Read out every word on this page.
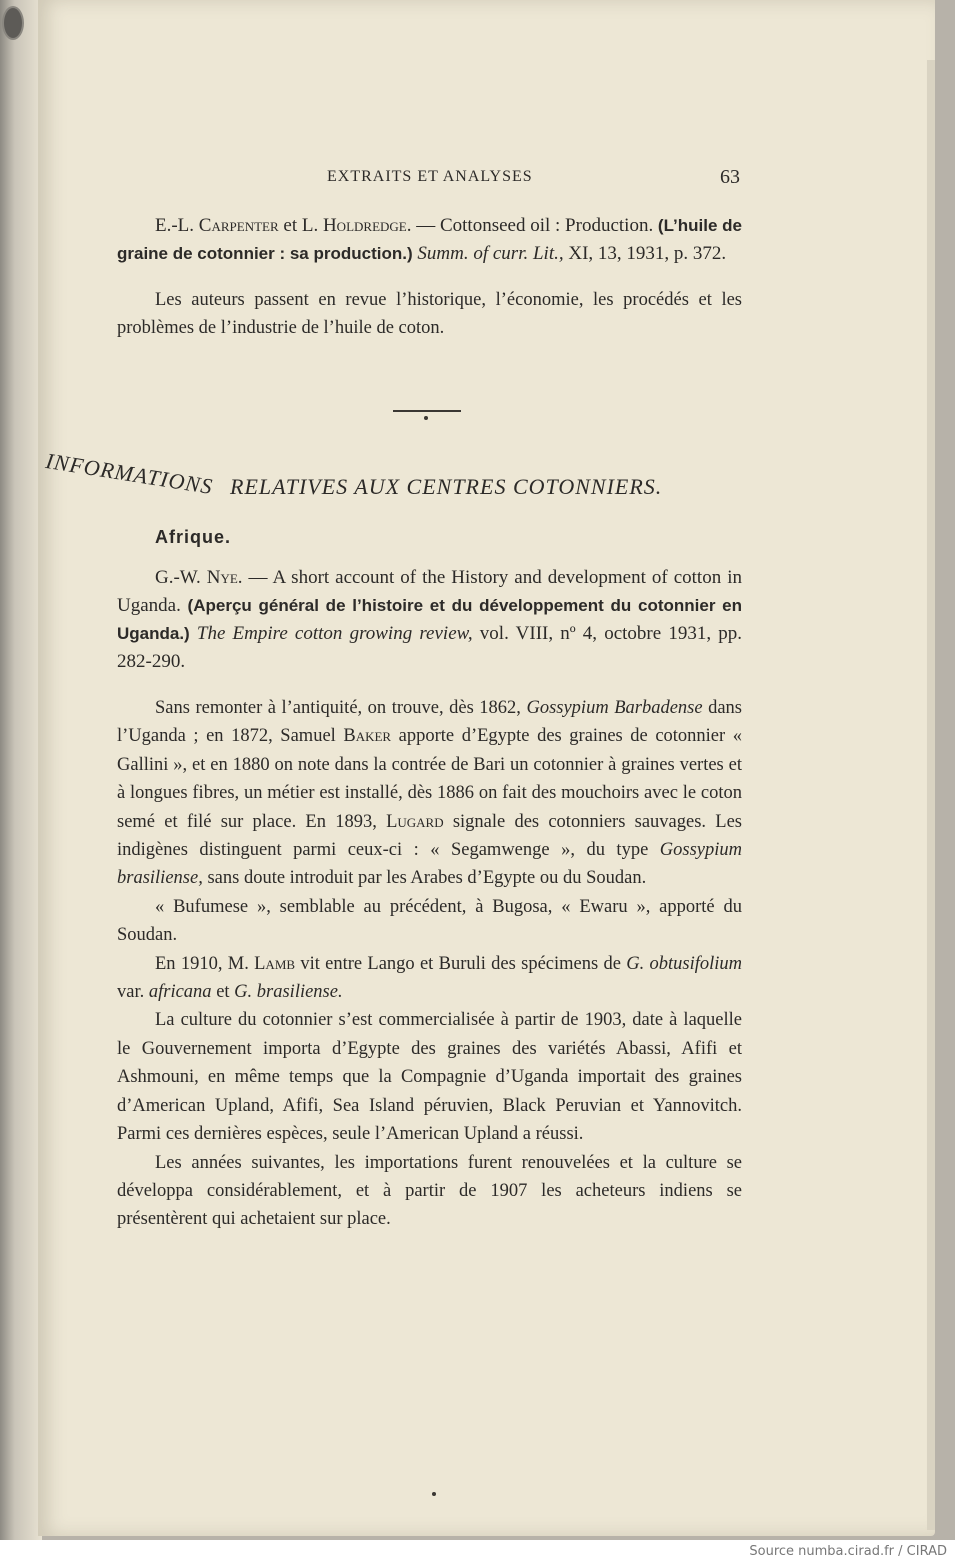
EXTRAITS ET ANALYSES	63

E.-L. Carpenter et L. Holdredge. — Cottonseed oil : Production. (L’huile de graine de cotonnier : sa production.) Summ. of curr. Lit., XI, 13, 1931, p. 372.

Les auteurs passent en revue l’historique, l’économie, les procédés et les problèmes de l’industrie de l’huile de coton.

INFORMATIONS RELATIVES AUX CENTRES COTONNIERS.
Afrique.

G.-W. Nye. — A short account of the History and development of cotton in Uganda. (Aperçu général de l’histoire et du développement du cotonnier en Uganda.) The Empire cotton growing review, vol. VIII, nº 4, octobre 1931, pp. 282-290.

Sans remonter à l’antiquité, on trouve, dès 1862, Gossypium Barbadense dans l’Uganda ; en 1872, Samuel Baker apporte d’Egypte des graines de cotonnier « Gallini », et en 1880 on note dans la contrée de Bari un cotonnier à graines vertes et à longues fibres, un métier est installé, dès 1886 on fait des mouchoirs avec le coton semé et filé sur place. En 1893, Lugard signale des cotonniers sauvages. Les indigènes distinguent parmi ceux-ci : « Segamwenge », du type Gossypium brasiliense, sans doute introduit par les Arabes d’Egypte ou du Soudan.

« Bufumese », semblable au précédent, à Bugosa, « Ewaru », apporté du Soudan.

En 1910, M. Lamb vit entre Lango et Buruli des spécimens de G. obtusifolium var. africana et G. brasiliense.

La culture du cotonnier s’est commercialisée à partir de 1903, date à laquelle le Gouvernement importa d’Egypte des graines des variétés Abassi, Afifi et Ashmouni, en même temps que la Compagnie d’Uganda importait des graines d’American Upland, Afifi, Sea Island péruvien, Black Peruvian et Yannovitch. Parmi ces dernières espèces, seule l’American Upland a réussi.

Les années suivantes, les importations furent renouvelées et la culture se développa considérablement, et à partir de 1907 les acheteurs indiens se présentèrent qui achetaient sur place.

Source numba.cirad.fr / CIRAD
